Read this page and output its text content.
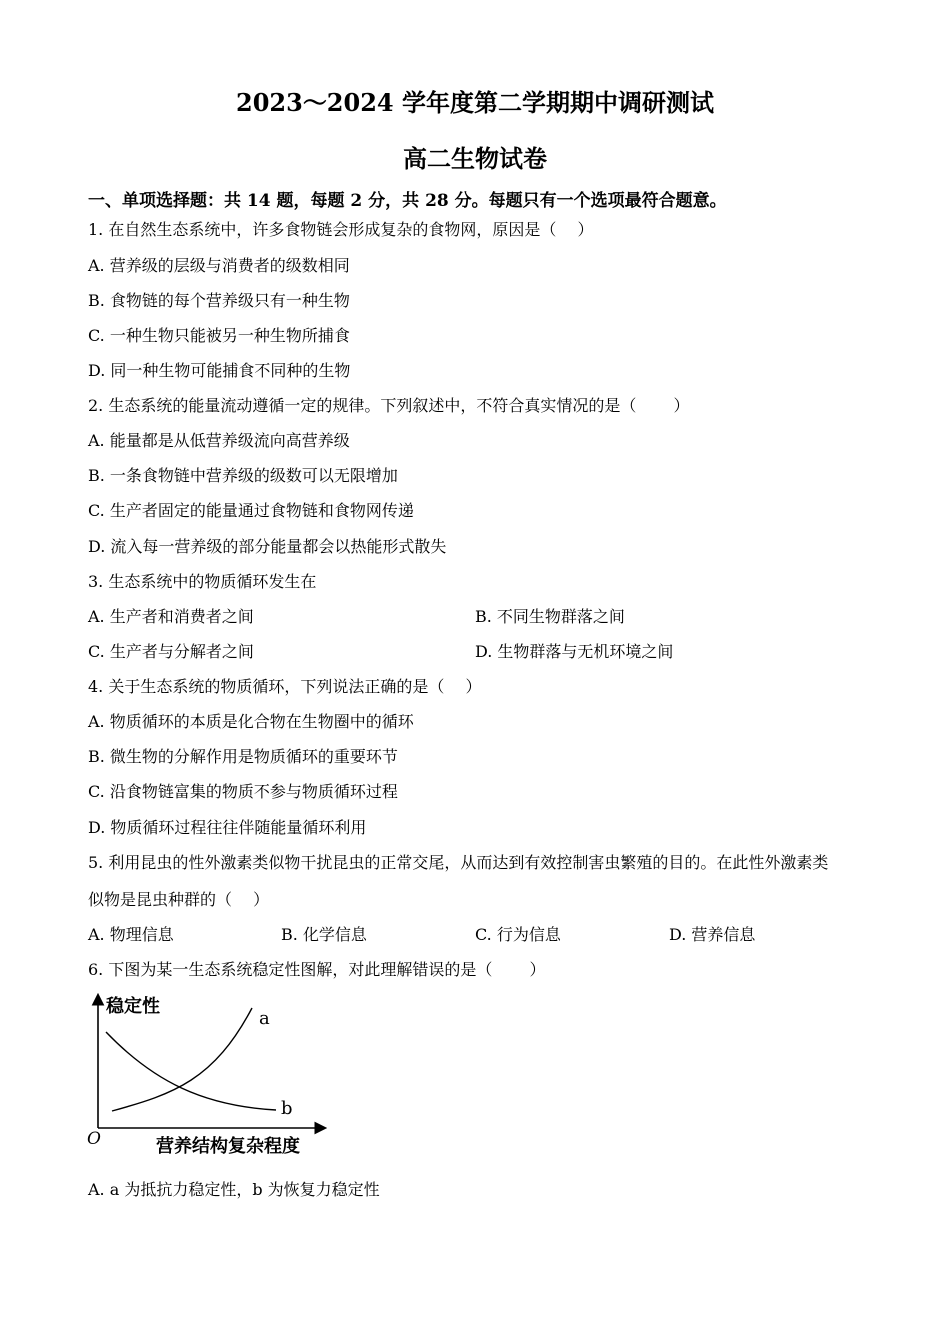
2023～2024 学年度第二学期期中调研测试
高二生物试卷
一、单项选择题：共 14 题，每题 2 分，共 28 分。每题只有一个选项最符合题意。
1. 在自然生态系统中，许多食物链会形成复杂的食物网，原因是（　 ）
A. 营养级的层级与消费者的级数相同
B. 食物链的每个营养级只有一种生物
C. 一种生物只能被另一种生物所捕食
D. 同一种生物可能捕食不同种的生物
2. 生态系统的能量流动遵循一定的规律。下列叙述中，不符合真实情况的是（　　 ）
A. 能量都是从低营养级流向高营养级
B. 一条食物链中营养级的级数可以无限增加
C. 生产者固定的能量通过食物链和食物网传递
D. 流入每一营养级的部分能量都会以热能形式散失
3. 生态系统中的物质循环发生在
A. 生产者和消费者之间	B. 不同生物群落之间
C. 生产者与分解者之间	D. 生物群落与无机环境之间
4. 关于生态系统的物质循环，下列说法正确的是（　 ）
A. 物质循环的本质是化合物在生物圈中的循环
B. 微生物的分解作用是物质循环的重要环节
C. 沿食物链富集的物质不参与物质循环过程
D. 物质循环过程往往伴随能量循环利用
5. 利用昆虫的性外激素类似物干扰昆虫的正常交尾，从而达到有效控制害虫繁殖的目的。在此性外激素类
似物是昆虫种群的（　 ）
A. 物理信息	B. 化学信息	C. 行为信息	D. 营养信息
6. 下图为某一生态系统稳定性图解，对此理解错误的是（　　 ）
稳定性
营养结构复杂程度
O
a
b
A. a 为抵抗力稳定性，b 为恢复力稳定性
